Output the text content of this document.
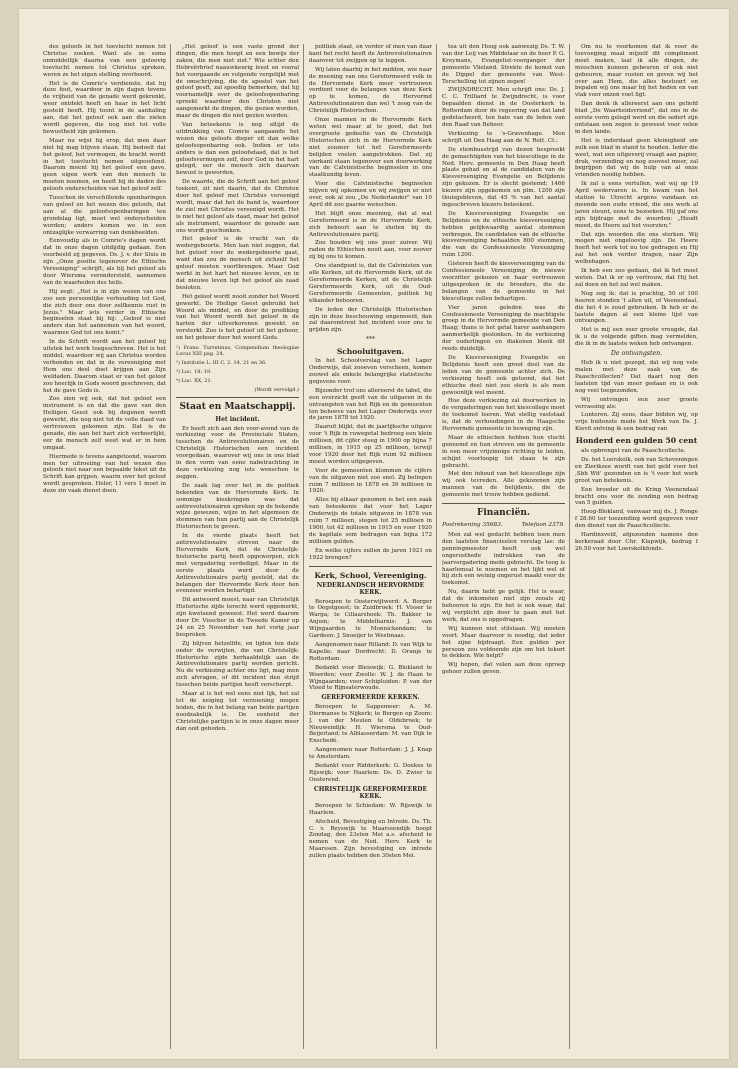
des geloofs in het toevlucht nemen tot Christus zoeken. Want als ze soms onmiddellijk daarna van een geloovig toevlucht nemen tot Christus spreken, weren ze het eigen stelling overboord.

Het is de Comrie's verdienste, dat hij deze fout, waardoor in zijn dagen tevens de vrijheid van de genade werd gekrenkt, weer ontdekt heeft en haar in het licht gesteld heeft. Hij toont in de aanhaling aan, dat het geloof ook aan die zielen wordt gegeven, die nog niet tot volle bewustheid zijn gekomen.

Maar nu wijst hij erop, dat men daar niet bij mag blijven staan. Hij bedoelt dat het geloof, het vermogen, de kracht wordt in het toevlucht nemen uitgeoefend. Daarom meent hij het geloof een gave, geen eigen werk van den mensch te moeten noemen, en heeft hij de daden des geloofs onderscheiden van het geloof zelf.

Tusschen de verschillende openbaringen van geloof en het wezen des geloofs, dat aan al die geloofsopenbaringen ten grondslag ligt, moet wel onderscheiden worden; anders komen we in een ontzaglijke verwarring van denkbeelden.

Eenvoudig als in Comrie's dagen wordt dat in onze dagen uitdijdig gedaan. Een voorbeeld zij gegeven. Ds. J. v. der Sluis in zijn „Onze positie tegenover de Ethische Vereeniging" schrijft, als bij het geloof als door Wiersma verondersteld, aannemen van de waarheden des heils.

Hij zegt: „Het is in zijn wezen van ons zoo een persoonlijke verhouding tot God, die zich door ons door zelfkennis rust in Jezus." Maar iets verder in Ethische beginselen staat bij hij: „Geloof is niet anders dan het aannemen van het woord, waarmee God tot ons komt."

In de Schrift wordt aan het geloof bij uitstek het werk toegeschreven. Het is het middel, waardoor wij aan Christus worden verbonden en dat in de vereeniging met Hem ons deel doet krijgen aan Zijn weldaden. Daarom staat er van het geloof zoo heerlijk in Gods woord geschreven, dat het de gave Gods is.

Zoo zien wij ook, dat het geloof een instrument is en dat die gave van den Heiligen Geest ook bij degenen wordt gewerkt, die nog niet tot de volle daad van vertrouwen gekomen zijn. Dat is de genade, die aan het hart zich verheerlijkt, eer de mensch zelf weet wat er in hem omgaat.

Hiermede is tevens aangetoond, waarom men ter uitroeiing van het wezen des geloofs niet naar een bepaalde tekst uit de Schrift kan grijpen, waarin over het geloof wordt gesproken. Heler, 11 vers 1 moet in deze zin vaak dienst doen.

„Het geloof is een vaste grond der dingen, die men hoopt en een bewijs der zaken, die men niet ziet." Wie echter den Hebreërbrief naauwkeurig leest en vooral het voorgaande en volgende vergelijkt met de omschrijving, die de apostel van het geloof geeft, zal spoedig bemerken, dat hij voornamelijk over de geloofsopenbaring spreekt waardoor den Christen niet aangemerkt de dingen, die gezien worden, maar de dingen die niet gezien worden.

Van beteekenis is nog altijd de uitdrukking van Comrie aangaande het wezen des geloofs dieper zit dan welke geloofsopenbaring ook. Indien er iets anders is dan een geloofsdaad, dat is het geloofsvermogen zelf, door God in het hart gelegd, eer de mensch zich daarvan bewust is geworden.

De waarde, die de Schrift aan het geloof toekent, zit niet daarin, dat de Christen door het geloof met Christus vereenigd wordt, maar dat het de band is, waardoor de ziel met Christus vereenigd wordt. Het is niet het geloof als daad, maar het geloof als instrument, waardoor de genade aan ons wordt geschonken.

Het geloof is de vrucht van de wedergeboorte. Men kan niet zeggen, dat het geloof voor de wedergeboorte gaat, want dan zou de mensch uit zichzelf het geloof moeten voortbrengen. Maar God werkt in het hart het nieuwe leven, en in dat nieuwe leven ligt het geloof als zaad besloten.

Het geloof wordt nooit zonder het Woord gewerkt. De Heilige Geest gebruikt het Woord als middel, en door de prediking van het Woord wordt het geloof in de harten der uitverkorenen gewekt en versterkt. Zoo is het geloof uit het gehoor, en het gehoor door het woord Gods.

¹) Frans: Turretinus, Compendium theologiae Locus XIII pag. 24.
²) Institutie L. III C. 2. 14, 21 en 36.
³) Luc. 18: 19.
⁴) Luc. XX, 21.
(Wordt vervolgd.)
Staat en Maatschappij.
Het incident.

Er heeft zich aan den voor-avond van de verkiezing voor de Provinciale Staten, tusschen de Antirevolutionairen en de Christelijk Historischen een incident voorgedaan, waarover wij ons in ons blad in den vorm van eene nabetrachting in deze verkiezing nog iets wenschen te zeggen.

De zaak lag over het in de politiek bekenden van de Hervormde Kerk. In sommige kieskringen was dat antirevolutionairen spreken op de bekende wijze gewezen, wijze in het algemeen de stemmen van hun partij aan de Christelijk Historischen te geven.

In de vierde plaats heeft het antirevolutionaire streven naar de Hervormde Kerk, dat de Christelijk-historische partij heeft opgeworpen, zich met vergadering verdedigd. Maar in de eerste plaats werd door de Antirevolutionaire partij gesteld, dat de belangen der Hervormde Kerk door hen evenzeer werden behartigd.

Dit antwoord moest, naar van Christelijk Historische zijde terecht werd opgemerkt, zijn kwetsend geweest. Het werd daarom door Dr. Visscher in de Tweede Kamer op 24 en 25 November van het vorig jaar besproken.

Zij blijven hetzelfde, en lijden ten dele onder de verwijten, die van Christelijk-Historische zijde herhaaldelijk aan de Antirevolutionaire partij worden gericht. Nu de verkiezing achter ons ligt, mag men zich afvragen, of dit incident den strijd tusschen beide partijen heeft verscherpt.

Maar al is het wel eens niet lijk, het zal tot de neiging tot verzoening mogen leiden, die in het belang van beide partijen noodzakelijk is. De eenheid der Christelijke partijen is in onze dagen meer dan ooit geboden.

politiek staat, en verder of men van daar kant het recht heeft de Antirevolutionairen daarover tot zwijgen op te leggen.

Wij laten daarbij in het midden, wie naar de meening van ons Gereformeerd volk in de Hervormde Kerk meer vertrouwen verdient voor de belangen van deze Kerk op te komen, de Hervormd Antirevolutionairen dan wel 't zoog van de Christelijk Historischen.

Onze mannen in de Hervormde Kerk weten wel maar al te goed, dat het overgroote gedeelte van de Christelijk Historischen zich in de Hervormde Kerk niet zoozeer tot het Gereformeerde belijden voelen aangetrokken. Dat zij vierkant staan tegenover een doorwerking van de Calvinistische beginselen in ons staatkundig leven.

Voor die Calvinistische beginselen blijven wij opkomen en wij zwijgen er niet over, ook al zou „De Nederlander" van 10 April dit zoo gaarne wenschen.

Het blijft onze meening, dat al wat Gereformeerd is in de Hervormde Kerk, zich behoort aan te sluiten bij de Antirevolutionaire partij.

Zoo houden wij ons puur zuiver. Wij raden de Ethischen nooit aan, voor zoover zij bij ons te komen.

Ons standpunt is, dat de Calvinisten van alle Kerken, uit de Hervormde Kerk, uit de Gereformeerde Kerken, uit de Christelijk Gereformeerde Kerk, uit de Oud-Gereformeerde Gemeenten, politiek bij elkander behooren.

De leden der Christelijk Historischen zijn in deze beschouwing ongemoeid, dan zal daaromtrent het incident voor ons te grijden zijn.

***
Schooluitgaven.

In het Schoolverslag van het Lager Onderwijs, dat zooeven verscheen, komen zoowel als enkele belangrijke statistische gegevens voor.

Bijzonder trof ons allereerst de tabel, die een overzicht geeft van de uitgaven in de ontvangsten van het Rijk en de gemeenten ten behoeve van het Lager Onderwijs over de jaren 1878 tot 1920.

Daaruit blijkt, dat de jaarlijksche uitgave voor 't Rijk in ruwegetal bedroeg een klein millioen, dit cijfer steeg in 1900 op bijna 7 millioen, in 1915 op 25 millioen, terwijl voor 1920 door het Rijk ruim 92 millioen moest worden uitgegeven.

Voor de gemeenten klommen de cijfers van de uitgaven niet zoo snel. Zij beliepen ruim 7 millioen in 1878 en 39 millioen in 1920.

Alles bij elkaar genomen is het een zaak van beteekenis dat voor het Lager Onderwijs de totale uitgaven in 1878 van ruim 7 millioen, stegen tot 25 millioen in 1900, tot 42 millioen in 1915 en voor 1920 de kapitale som bedragen van bijna 172 millioen gulden.

En welke cijfers zullen de jaren 1921 en 1922 brengen?

Kerk, School, Vereeniging.
NEDERLANDSCH HERVORMDE KERK.

Beroepen te Oosterwijtwerd: A. Borger te Oegstgeest; te Zuidbroek: H. Visser te Warga; te Cillaarshoek: Th. Bakker te Anjum; te Middelharnis: J. van Wijngaarden te Monnickendam; te Gardeen: J. Snoeijer te Westmaas.

Aangenomen naar Rilland: D. van Wijk te Kapelle; naar Dordrecht: D. Oranje te Rotterdam.

Bedankt voor Bleiswijk: G. Blokland te Woerden; voor Zwolle: W. J. de Haan te Wijngaarden; voor Schipluiden: P. van der Vloed te Rijnsaterwoude.

GEREFORMEERDE KERKEN.

Beroepen te Sappemeer: A. M. Diermanse te Nijkerk; te Bergen op Zoom: J. van der Meulen te Oldebroek; te Nieuwendijk: H. Wiersma te Oud-Beijerland; te Alblasserdam: M. van Dijk te Enschedé.

Aangenomen naar Rotterdam: J. J. Knap te Amsterdam.

Bedankt voor Ridderkerk: G. Doekes te Rijswijk; voor Haarlem: Ds. D. Zwier te Oosterend.

CHRISTELIJK GEREFORMEERDE KERK.

Beroepen te Schiedam: W. Rijswijk te Haarlem.

Afscheid, Bevestiging en Intrede. Ds. Th. C. v. Reyswijk te Maarssendijk hoopt Zondag, den 23sten Mei a.s. afscheid te nemen van de Ned. Herv. Kerk te Maarssen. Zijn bevestiging en intrede zullen plaats hebben den 30sten Mei.

tea uit den Hoog ook aanwezig Ds. T. W. van der Leij van Middelaar en de heer P. G. Kreymans, Evangelist-voorganger der gemeente Vlieland. Strekte de komst van de Dippel der gemeente van West-Terschelling tot zijnen zegen!

ZWIJNDRECHT. Men schrijft ons: Ds. J. C. C. Trilliard te Zwijndrecht, is voor bepaalden dienst in de Oosterkerk te Rotterdam door de regeering van dat land gedetacheerd, ten bate van de leden van den Raad van Beheer.

Verkiezing te 's-Gravenhage. Men schrijft uit Den Haag aan de N. Rott. Ct.:

De stembusstrijd van dezen bespreekt de gemachtigden van het kiescollege in de Ned. Herv. gemeente in Den Haag heeft plaats gehad en al de candidaten van de Kiesvereeniging Evangelie en Belijdenis zijn gekozen. Er is slecht gestemd; 1466 kiezers zijn opgekomen en plm. 1200 zijn thuisgebleven, dat 45 % van het aantal ingeschreven kiezers beteekent.

De Kiesvereeniging Evangelie en Belijdenis en de ethische kiesvereeniging hebben gelijkwaardig aantal stemmen verkregen. De candidaten van de ethische kiesvereeniging behaalden 800 stemmen, die van de Confessioneele Vereeniging ruim 1200.

Gisteren heeft de kiesvereeniging van de Confessioneele Vereeniging de nieuwe voorzitter gekozen en haar vertrouwen uitgesproken in de broeders, die de belangen van de gemeente in het kiescollege zullen behartigen.

Vier jaren geleden was de Confessioneele Vereeniging de machtigste groep in de Hervormde gemeente van Den Haag; thans is het getal harer aanhangers aanmerkelijk geslonken. In de verkiezing der ouderlingen en diakenen bleek dit reeds duidelijk.

De Kiesvereeniging Evangelie en Belijdenis heeft een groot deel van de leden van de gemeente achter zich. De verkiezing heeft ook getoond, dat het ethische deel niet zoo sterk is als men gewoonlijk wel meent.

Hoe deze verkiezing zal doorwerken in de vergaderingen van het kiescollege moet de toekomst leeren. Wat stellig vaststaat is, dat de verhoudingen in de Haagsche Hervormde gemeente in beweging zijn.

Maar de ethischen hebben hun vlucht geneemd en hun streven om de gemeente in een meer vrijzinnige richting te leiden, schijnt voorloopig tot staan te zijn gebracht.

Met den inhoud van het kiescollege zijn wij ook tevreden. Alle gekozenen zijn mannen van de belijdenis, die de gemeente met trouw hebben gediend.

Financiën.
Postrekening 35683.	Telefoon 2379.

Men zal wel gedacht hebben toen men den laatsten financieelen verslag las: de penningmeester heeft ook wel ongerusthede indrukken van de jaarvergadering mede gebracht. De toog is haarlemsal te noemen en het lijkt wel of hij zich een weinig ongerust maakt voor de toekomst.

Nu, daarin hebt ge gelijk. Het is waar, dat de inkomsten niet zijn zooals zij behooren te zijn. En het is ook waar, dat wij verplicht zijn door te gaan met het werk, dat ons is opgedragen.

Wij kunnen niet stilstaan. Wij moeten voort. Maar daarvoor is noodig, dat ieder het zijne bijdraagt. Een gulden per persoon zou voldoende zijn om het tekort te dekken. Wie helpt?

Wij hopen, dat velen aan deze oproep gehoor zullen geven.

Om nu te voorkomen dat ik voor de toevoeging maal mijzelf dit compliment moet maken, laat ik alle dingen, de misschien kunnen gebeuren of ook niet gebeuren, maar rusten en geven wij het over aan Hem, die alles bestuurt en bepalen wij ons maar bij het heden en van vlak voor onzen voet ligt.

Dan denk ik allereerst aan ons geliefd blad „De Waarheidsvriend", dat ons in de eerste vorm gelegd werd en die sedert zijn ontstaan een zegen is geweest voor velen in den lande.

Het is inderdaad geen kleinigheid om zulk een blad in stand te houden. Ieder die weet, wat een uitgeverij vraagt aan papier, druk, verzending en nog zooveel meer, zal begrijpen dat wij de hulp van al onze vrienden noodig hebben.

Ik zal u eens vertellen, wat wij op 19 April wedervaren is. In kwam van het station te Utrecht argens vandaan en meende een oude vriend, die ons werk al jaren steunt, eens te bezoeken. Hij gaf ons zijn bijdrage met de woorden: „Houdt moed, de Heere zal het voorzien."

Dat zijn woorden die ons sterken. Wij mogen niet ongeloovig zijn. De Heere heeft het werk tot nu toe gedragen en Hij zal het ook verder dragen, naar Zijn welbehagen.

Ik heb een zoo gedaan, dat ik het moet weten. Dat ik er op vertrouw, dat Hij het zal doen en het zal wel maken.

Nog zeg ik: dat is prachtig, 50 of 100 heeren stonden 't allen uit, of Veenendaal, die het 4 is zoud gebruiken. Ik heb er de laatste dagen al een kleine lijst van ontvangen.

Het is mij een zeer groote vreugde, dat ik u de volgende giften mag vermelden, die ik in de laatste weken heb ontvangen.

De ontvangsten.

Heb ik u niet gezegd, dat wij nog vele malen met deze zaak van de Paaschcollecten? Dat daart nog den laatsten tijd van meer gedaan en is ook nog veel toegezonden.

Wij ontvingen een zeer groote verrassing als:

Lunteren. Zij eens, daar bidden wij, op vrije buitenste mede het Werk van Ds. J. Kievit ontving ik een bedrag van

Honderd een gulden 50 cent

als opbrengst van de Paaschcollecte.

Ds. het Loerskolk, ook van Scheveningen en Zierikzee wordt van het geld voor het ‚Sbh Wit' gezonden en is 't voor het werk groot van betekenis.

Een broeder uit de Kring Veenendaal bracht ons voor de zending een bedrag van 5 gulden.

Hoog-Blokland, vanwaar mij ds. J. Ronge f 28.60 ter toezending werd gegeven voor den dienst van de Paaschcollecte.

Hardinxveld, afgezonden namens den kerkeraad door Chr. Klapwijk, bedrag f 26.50 voor het Loerskolkfonds.
